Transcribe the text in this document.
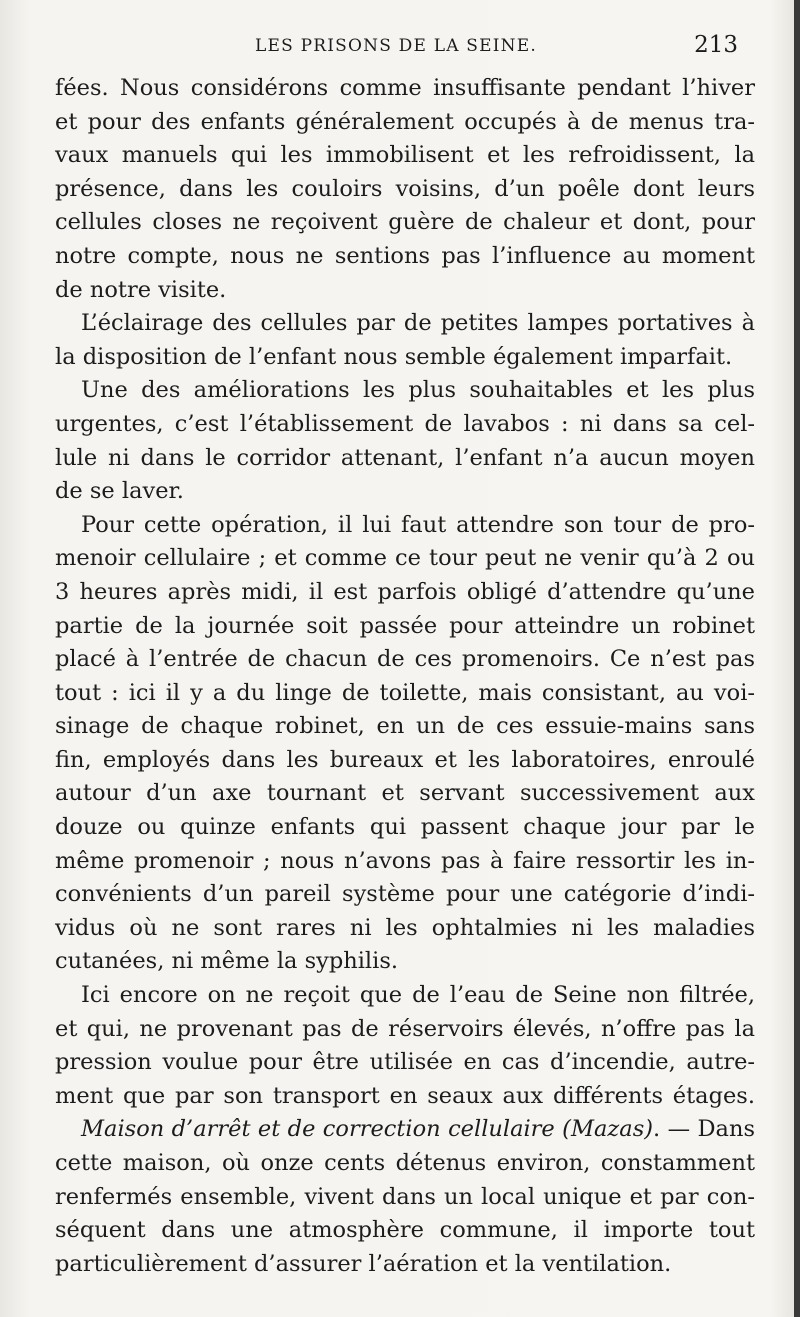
LES PRISONS DE LA SEINE.	213
fées. Nous considérons comme insuffisante pendant l’hiver
et pour des enfants généralement occupés à de menus tra-
vaux manuels qui les immobilisent et les refroidissent, la
présence, dans les couloirs voisins, d’un poêle dont leurs
cellules closes ne reçoivent guère de chaleur et dont, pour
notre compte, nous ne sentions pas l’influence au moment
de notre visite.
L’éclairage des cellules par de petites lampes portatives à
la disposition de l’enfant nous semble également imparfait.
Une des améliorations les plus souhaitables et les plus
urgentes, c’est l’établissement de lavabos : ni dans sa cel-
lule ni dans le corridor attenant, l’enfant n’a aucun moyen
de se laver.
Pour cette opération, il lui faut attendre son tour de pro-
menoir cellulaire ; et comme ce tour peut ne venir qu’à 2 ou
3 heures après midi, il est parfois obligé d’attendre qu’une
partie de la journée soit passée pour atteindre un robinet
placé à l’entrée de chacun de ces promenoirs. Ce n’est pas
tout : ici il y a du linge de toilette, mais consistant, au voi-
sinage de chaque robinet, en un de ces essuie-mains sans
fin, employés dans les bureaux et les laboratoires, enroulé
autour d’un axe tournant et servant successivement aux
douze ou quinze enfants qui passent chaque jour par le
même promenoir ; nous n’avons pas à faire ressortir les in-
convénients d’un pareil système pour une catégorie d’indi-
vidus où ne sont rares ni les ophtalmies ni les maladies
cutanées, ni même la syphilis.
Ici encore on ne reçoit que de l’eau de Seine non filtrée,
et qui, ne provenant pas de réservoirs élevés, n’offre pas la
pression voulue pour être utilisée en cas d’incendie, autre-
ment que par son transport en seaux aux différents étages.
Maison d’arrêt et de correction cellulaire (Mazas). — Dans
cette maison, où onze cents détenus environ, constamment
renfermés ensemble, vivent dans un local unique et par con-
séquent dans une atmosphère commune, il importe tout
particulièrement d’assurer l’aération et la ventilation.
